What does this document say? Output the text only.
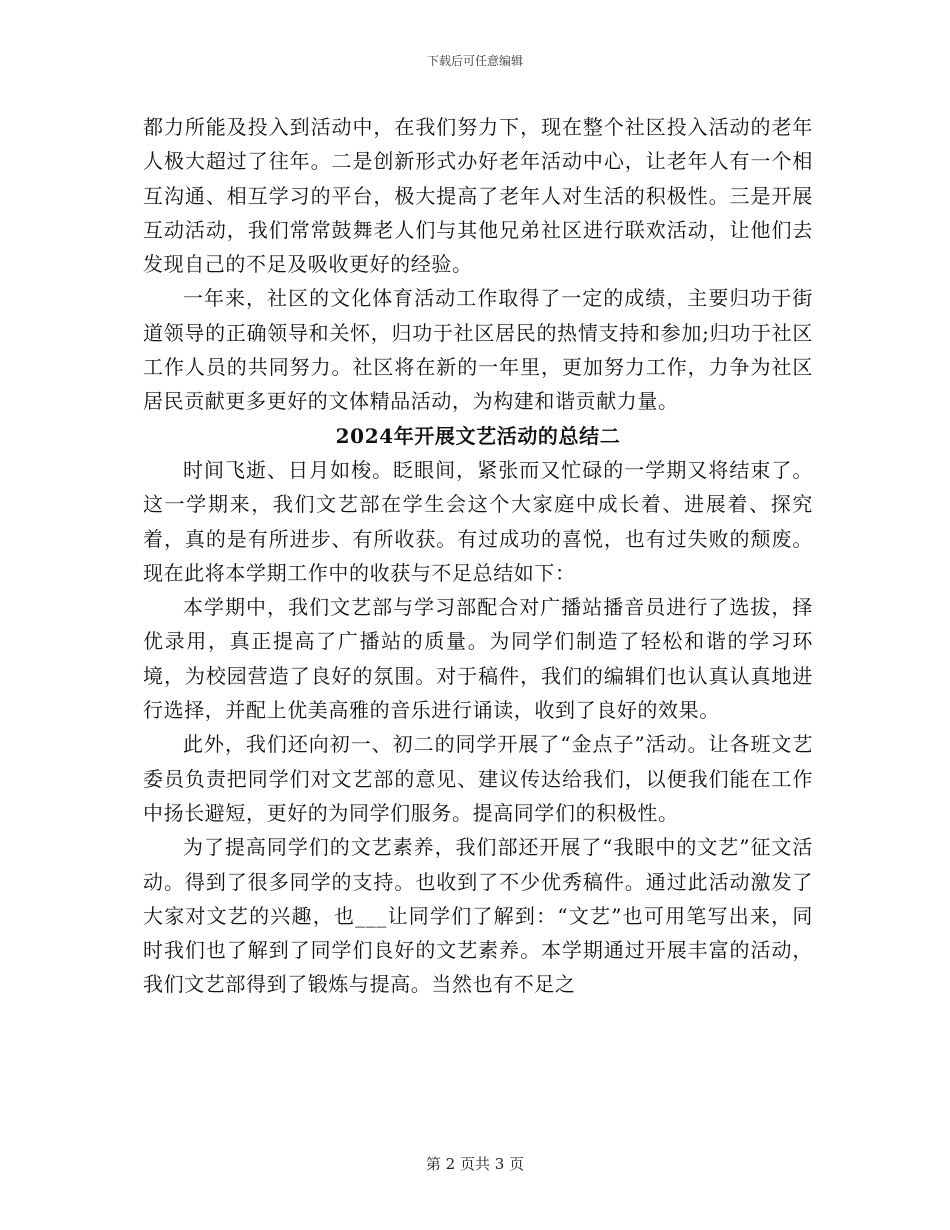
下载后可任意编辑

都力所能及投入到活动中，在我们努力下，现在整个社区投入活动的老年人极大超过了往年。二是创新形式办好老年活动中心，让老年人有一个相互沟通、相互学习的平台，极大提高了老年人对生活的积极性。三是开展互动活动，我们常常鼓舞老人们与其他兄弟社区进行联欢活动，让他们去发现自己的不足及吸收更好的经验。

一年来，社区的文化体育活动工作取得了一定的成绩，主要归功于街道领导的正确领导和关怀，归功于社区居民的热情支持和参加;归功于社区工作人员的共同努力。社区将在新的一年里，更加努力工作，力争为社区居民贡献更多更好的文体精品活动，为构建和谐贡献力量。

2024年开展文艺活动的总结二

时间飞逝、日月如梭。眨眼间，紧张而又忙碌的一学期又将结束了。这一学期来，我们文艺部在学生会这个大家庭中成长着、进展着、探究着，真的是有所进步、有所收获。有过成功的喜悦，也有过失败的颓废。现在此将本学期工作中的收获与不足总结如下：

本学期中，我们文艺部与学习部配合对广播站播音员进行了选拔，择优录用，真正提高了广播站的质量。为同学们制造了轻松和谐的学习环境，为校园营造了良好的氛围。对于稿件，我们的编辑们也认真认真地进行选择，并配上优美高雅的音乐进行诵读，收到了良好的效果。

此外，我们还向初一、初二的同学开展了“金点子”活动。让各班文艺委员负责把同学们对文艺部的意见、建议传达给我们，以便我们能在工作中扬长避短，更好的为同学们服务。提高同学们的积极性。

为了提高同学们的文艺素养，我们部还开展了“我眼中的文艺”征文活动。得到了很多同学的支持。也收到了不少优秀稿件。通过此活动激发了大家对文艺的兴趣，也___让同学们了解到：“文艺”也可用笔写出来，同时我们也了解到了同学们良好的文艺素养。本学期通过开展丰富的活动，我们文艺部得到了锻炼与提高。当然也有不足之

第 2 页共 3 页
